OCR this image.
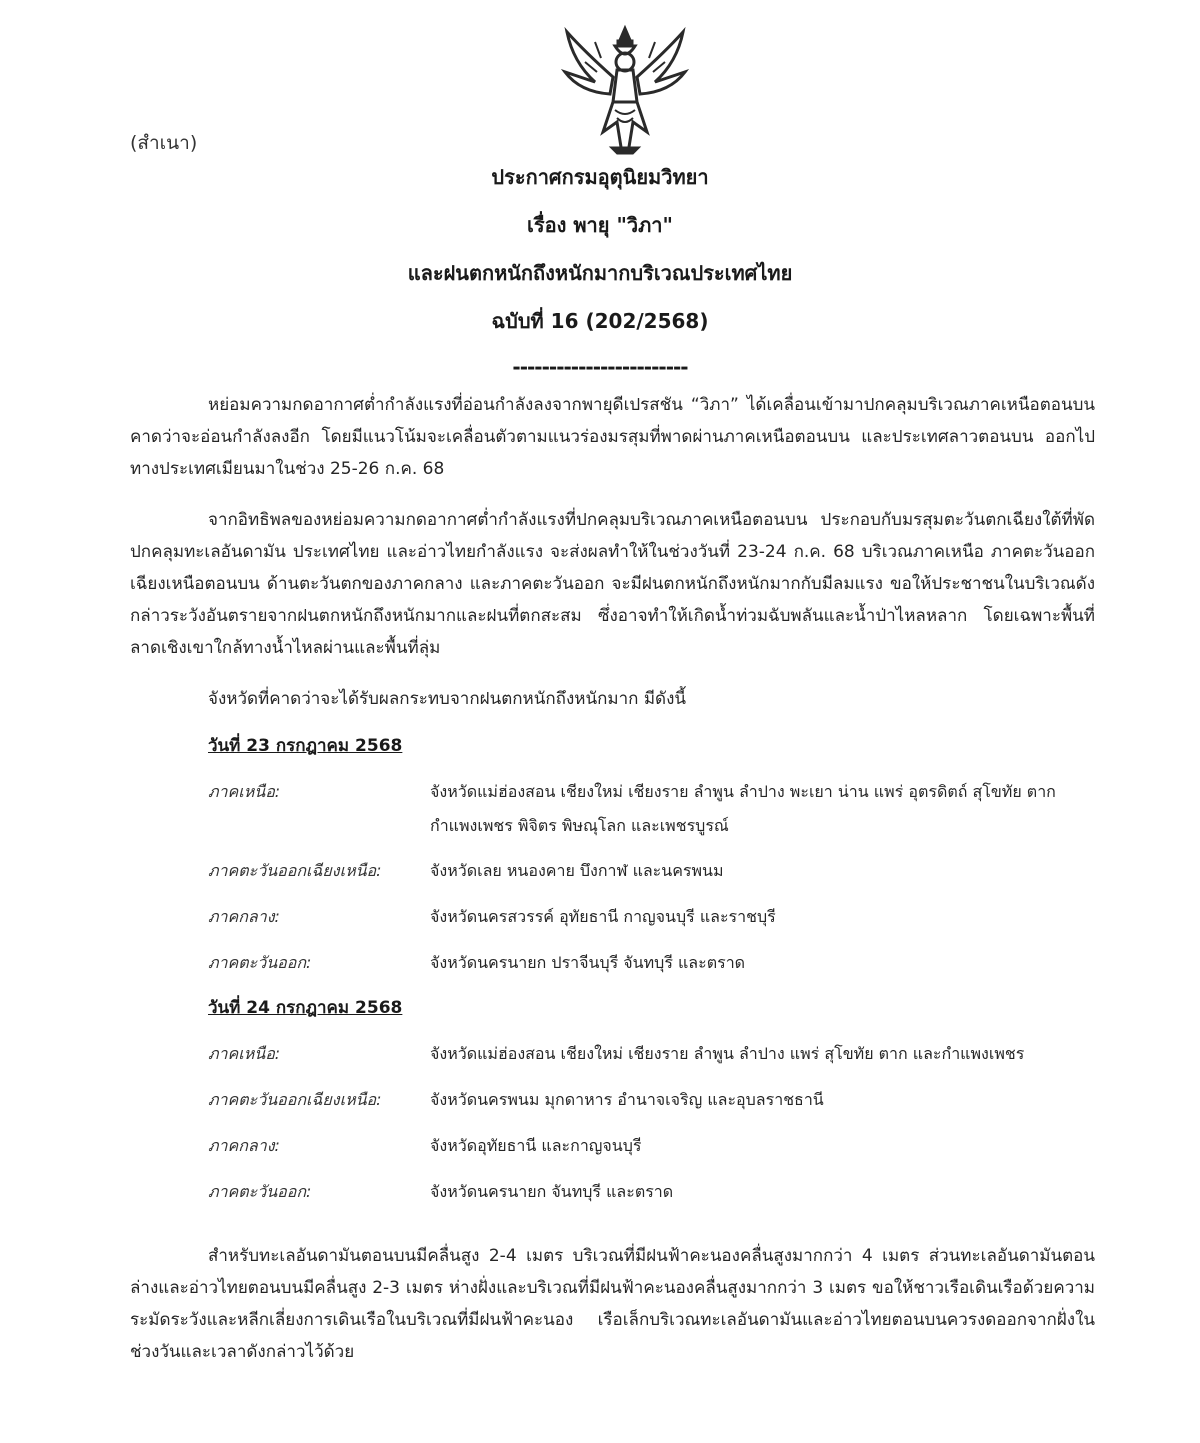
(สำเนา)
ประกาศกรมอุตุนิยมวิทยา
เรื่อง พายุ "วิภา"
และฝนตกหนักถึงหนักมากบริเวณประเทศไทย
ฉบับที่ 16 (202/2568)
------------------------

หย่อมความกดอากาศต่ำกำลังแรงที่อ่อนกำลังลงจากพายุดีเปรสชัน “วิภา” ได้เคลื่อนเข้ามาปกคลุมบริเวณภาคเหนือตอนบน คาดว่าจะอ่อนกำลังลงอีก โดยมีแนวโน้มจะเคลื่อนตัวตามแนวร่องมรสุมที่พาดผ่านภาคเหนือตอนบน และประเทศลาวตอนบน ออกไปทางประเทศเมียนมาในช่วง 25-26 ก.ค. 68

จากอิทธิพลของหย่อมความกดอากาศต่ำกำลังแรงที่ปกคลุมบริเวณภาคเหนือตอนบน ประกอบกับมรสุมตะวันตกเฉียงใต้ที่พัดปกคลุมทะเลอันดามัน ประเทศไทย และอ่าวไทยกำลังแรง จะส่งผลทำให้ในช่วงวันที่ 23-24 ก.ค. 68 บริเวณภาคเหนือ ภาคตะวันออกเฉียงเหนือตอนบน ด้านตะวันตกของภาคกลาง และภาคตะวันออก จะมีฝนตกหนักถึงหนักมากกับมีลมแรง ขอให้ประชาชนในบริเวณดังกล่าวระวังอันตรายจากฝนตกหนักถึงหนักมากและฝนที่ตกสะสม ซึ่งอาจทำให้เกิดน้ำท่วมฉับพลันและน้ำป่าไหลหลาก โดยเฉพาะพื้นที่ลาดเชิงเขาใกล้ทางน้ำไหลผ่านและพื้นที่ลุ่ม

จังหวัดที่คาดว่าจะได้รับผลกระทบจากฝนตกหนักถึงหนักมาก มีดังนี้

วันที่ 23 กรกฎาคม 2568
ภาคเหนือ:	จังหวัดแม่ฮ่องสอน เชียงใหม่ เชียงราย ลำพูน ลำปาง พะเยา น่าน แพร่ อุตรดิตถ์ สุโขทัย ตาก กำแพงเพชร พิจิตร พิษณุโลก และเพชรบูรณ์
ภาคตะวันออกเฉียงเหนือ:	จังหวัดเลย หนองคาย บึงกาฬ และนครพนม
ภาคกลาง:	จังหวัดนครสวรรค์ อุทัยธานี กาญจนบุรี และราชบุรี
ภาคตะวันออก:	จังหวัดนครนายก ปราจีนบุรี จันทบุรี และตราด
วันที่ 24 กรกฎาคม 2568
ภาคเหนือ:	จังหวัดแม่ฮ่องสอน เชียงใหม่ เชียงราย ลำพูน ลำปาง แพร่ สุโขทัย ตาก และกำแพงเพชร
ภาคตะวันออกเฉียงเหนือ:	จังหวัดนครพนม มุกดาหาร อำนาจเจริญ และอุบลราชธานี
ภาคกลาง:	จังหวัดอุทัยธานี และกาญจนบุรี
ภาคตะวันออก:	จังหวัดนครนายก จันทบุรี และตราด

สำหรับทะเลอันดามันตอนบนมีคลื่นสูง 2-4 เมตร บริเวณที่มีฝนฟ้าคะนองคลื่นสูงมากกว่า 4 เมตร ส่วนทะเลอันดามันตอนล่างและอ่าวไทยตอนบนมีคลื่นสูง 2-3 เมตร ห่างฝั่งและบริเวณที่มีฝนฟ้าคะนองคลื่นสูงมากกว่า 3 เมตร ขอให้ชาวเรือเดินเรือด้วยความระมัดระวังและหลีกเลี่ยงการเดินเรือในบริเวณที่มีฝนฟ้าคะนอง เรือเล็กบริเวณทะเลอันดามันและอ่าวไทยตอนบนควรงดออกจากฝั่งในช่วงวันและเวลาดังกล่าวไว้ด้วย
